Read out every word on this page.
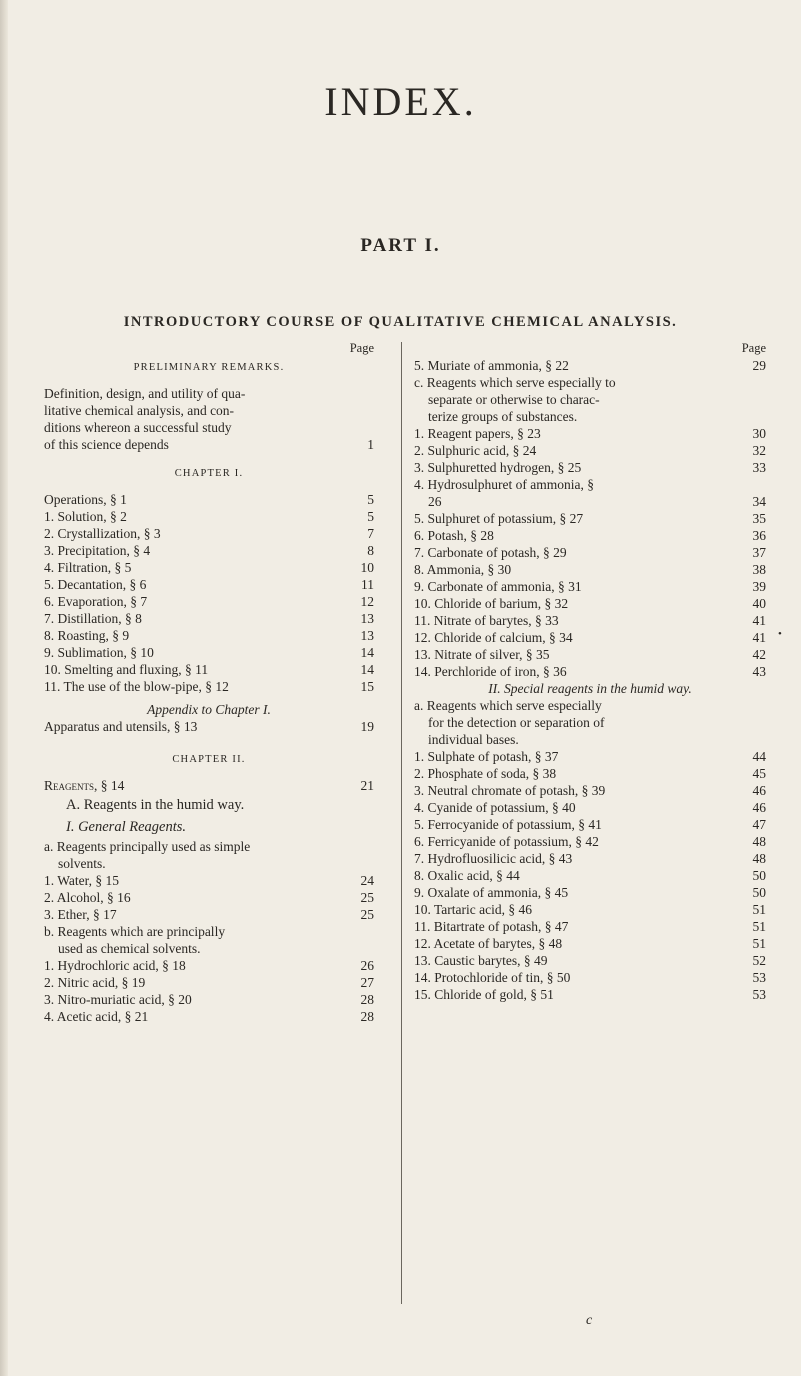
INDEX.
PART I.
INTRODUCTORY COURSE OF QUALITATIVE CHEMICAL ANALYSIS.
Page
PRELIMINARY REMARKS.
Definition, design, and utility of qua-
litative chemical analysis, and con-
ditions whereon a successful study
of this science depends	1
CHAPTER I.
Operations, § 1	5
1. Solution, § 2	5
2. Crystallization, § 3	7
3. Precipitation, § 4	8
4. Filtration, § 5	10
5. Decantation, § 6	11
6. Evaporation, § 7	12
7. Distillation, § 8	13
8. Roasting, § 9	13
9. Sublimation, § 10	14
10. Smelting and fluxing, § 11	14
11. The use of the blow-pipe, § 12	15
Appendix to Chapter I.
Apparatus and utensils, § 13	19
CHAPTER II.
Reagents, § 14	21
A. Reagents in the humid way.
I. General Reagents.
a. Reagents principally used as simple
solvents.
1. Water, § 15	24
2. Alcohol, § 16	25
3. Ether, § 17	25
b. Reagents which are principally
used as chemical solvents.
1. Hydrochloric acid, § 18	26
2. Nitric acid, § 19	27
3. Nitro-muriatic acid, § 20	28
4. Acetic acid, § 21	28
Page
5. Muriate of ammonia, § 22	29
c. Reagents which serve especially to
separate or otherwise to charac-
terize groups of substances.
1. Reagent papers, § 23	30
2. Sulphuric acid, § 24	32
3. Sulphuretted hydrogen, § 25	33
4. Hydrosulphuret of ammonia, §
26	34
5. Sulphuret of potassium, § 27	35
6. Potash, § 28	36
7. Carbonate of potash, § 29	37
8. Ammonia, § 30	38
9. Carbonate of ammonia, § 31	39
10. Chloride of barium, § 32	40
11. Nitrate of barytes, § 33	41
12. Chloride of calcium, § 34	41
13. Nitrate of silver, § 35	42
14. Perchloride of iron, § 36	43
II. Special reagents in the humid way.
a. Reagents which serve especially
for the detection or separation of
individual bases.
1. Sulphate of potash, § 37	44
2. Phosphate of soda, § 38	45
3. Neutral chromate of potash, § 39	46
4. Cyanide of potassium, § 40	46
5. Ferrocyanide of potassium, § 41	47
6. Ferricyanide of potassium, § 42	48
7. Hydrofluosilicic acid, § 43	48
8. Oxalic acid, § 44	50
9. Oxalate of ammonia, § 45	50
10. Tartaric acid, § 46	51
11. Bitartrate of potash, § 47	51
12. Acetate of barytes, § 48	51
13. Caustic barytes, § 49	52
14. Protochloride of tin, § 50	53
15. Chloride of gold, § 51	53
c
•
